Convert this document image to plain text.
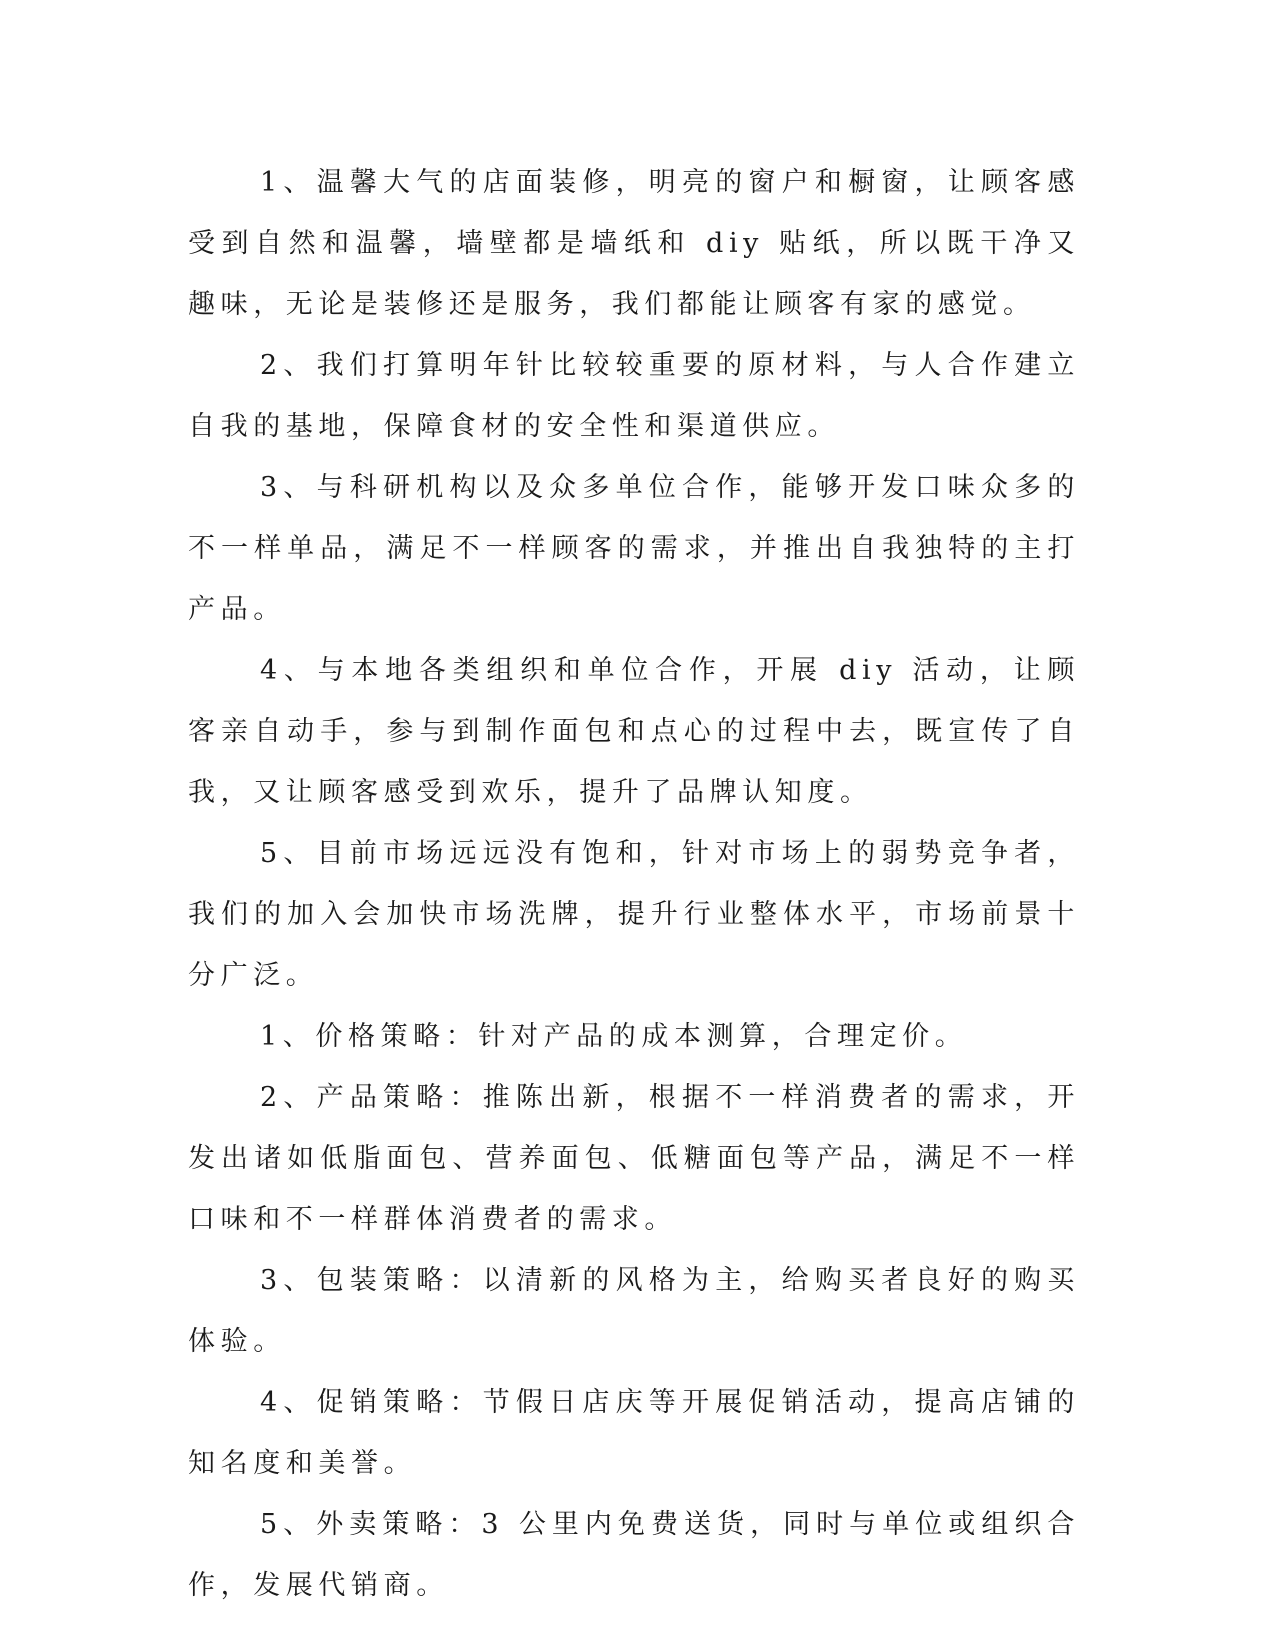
1、温馨大气的店面装修，明亮的窗户和橱窗，让顾客感受到自然和温馨，墙壁都是墙纸和 diy 贴纸，所以既干净又趣味，无论是装修还是服务，我们都能让顾客有家的感觉。

2、我们打算明年针比较较重要的原材料，与人合作建立自我的基地，保障食材的安全性和渠道供应。

3、与科研机构以及众多单位合作，能够开发口味众多的不一样单品，满足不一样顾客的需求，并推出自我独特的主打产品。

4、与本地各类组织和单位合作，开展 diy 活动，让顾客亲自动手，参与到制作面包和点心的过程中去，既宣传了自我，又让顾客感受到欢乐，提升了品牌认知度。

5、目前市场远远没有饱和，针对市场上的弱势竞争者，我们的加入会加快市场洗牌，提升行业整体水平，市场前景十分广泛。

1、价格策略：针对产品的成本测算，合理定价。

2、产品策略：推陈出新，根据不一样消费者的需求，开发出诸如低脂面包、营养面包、低糖面包等产品，满足不一样口味和不一样群体消费者的需求。

3、包装策略：以清新的风格为主，给购买者良好的购买体验。

4、促销策略：节假日店庆等开展促销活动，提高店铺的知名度和美誉。

5、外卖策略：3 公里内免费送货，同时与单位或组织合作，发展代销商。
